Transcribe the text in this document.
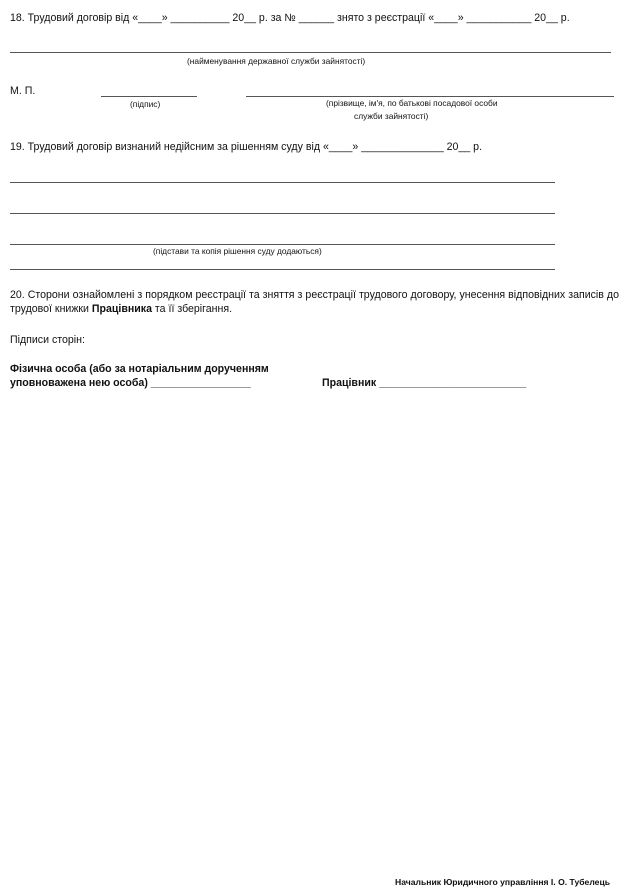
18. Трудовий договір від «____» __________ 20__ р. за № ______ знято з реєстрації «____» ___________ 20__ р.
(найменування державної служби зайнятості)
М. П.
(підпис)	(прізвище, ім'я, по батькові посадової особи
служби зайнятості)
19. Трудовий договір визнаний недійсним за рішенням суду від «____» ______________ 20__ р.
(підстави та копія рішення суду додаються)
20. Сторони ознайомлені з порядком реєстрації та зняття з реєстрації трудового договору, унесення відповідних записів до трудової книжки Працівника та її зберігання.
Підписи сторін:
Фізична особа (або за нотаріальним дорученням
уповноважена нею особа) _________________	Працівник _________________________
Начальник Юридичного управління І. О. Тубелець
